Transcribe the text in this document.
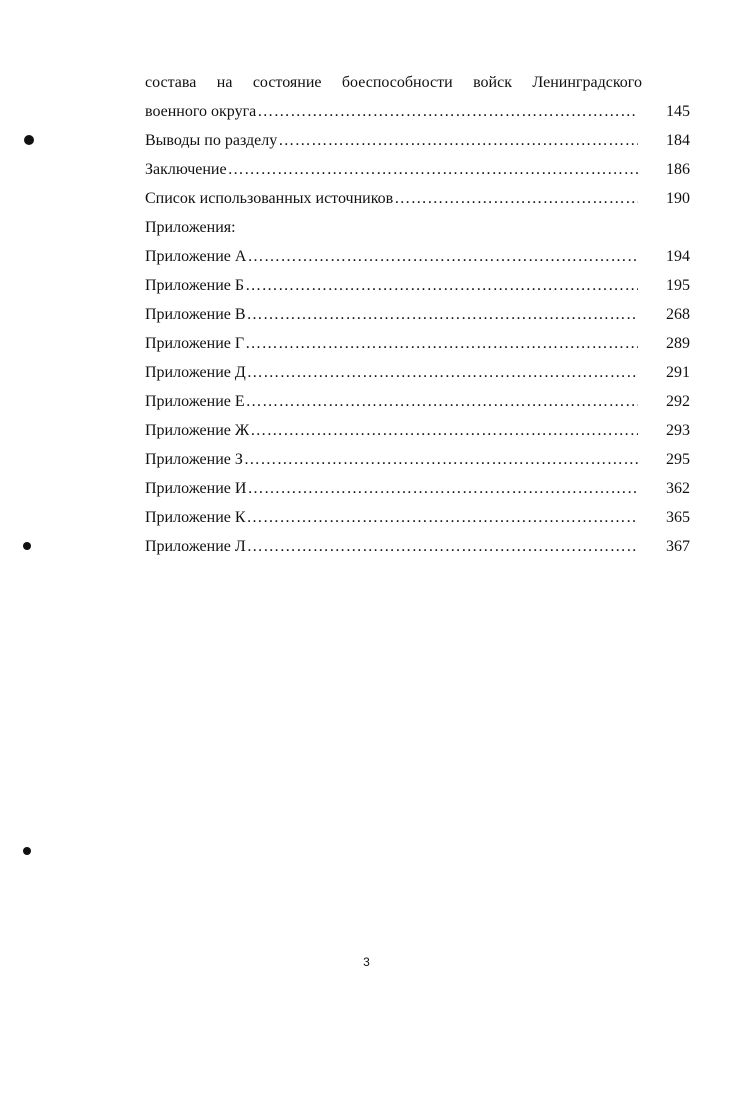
состава на состояние боеспособности войск Ленинградского
военного округа ……………………………………………………………………………………………………………………………………………	145
Выводы по разделу ……………………………………………………………………………………………………………………………………………	184
Заключение ……………………………………………………………………………………………………………………………………………	186
Список использованных источников ……………………………………………………………………………………………………………………………………………	190
Приложения:
Приложение А ……………………………………………………………………………………………………………………………………………	194
Приложение Б ……………………………………………………………………………………………………………………………………………	195
Приложение В ……………………………………………………………………………………………………………………………………………	268
Приложение Г ……………………………………………………………………………………………………………………………………………	289
Приложение Д ……………………………………………………………………………………………………………………………………………	291
Приложение Е ……………………………………………………………………………………………………………………………………………	292
Приложение Ж ……………………………………………………………………………………………………………………………………………	293
Приложение З ……………………………………………………………………………………………………………………………………………	295
Приложение И ……………………………………………………………………………………………………………………………………………	362
Приложение К ……………………………………………………………………………………………………………………………………………	365
Приложение Л ……………………………………………………………………………………………………………………………………………	367
3
